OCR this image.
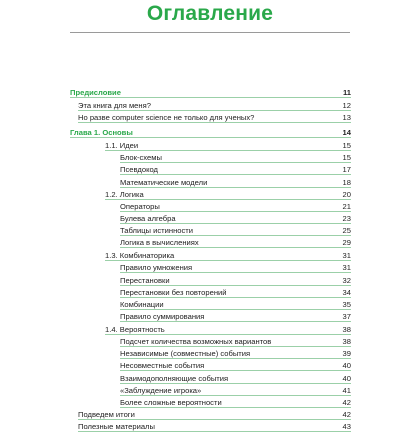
Оглавление
Предисловие	11
Эта книга для меня?	12
Но разве computer science не только для ученых?	13
Глава 1. Основы	14
1.1. Идеи	15
Блок-схемы	15
Псевдокод	17
Математические модели	18
1.2. Логика	20
Операторы	21
Булева алгебра	23
Таблицы истинности	25
Логика в вычислениях	29
1.3. Комбинаторика	31
Правило умножения	31
Перестановки	32
Перестановки без повторений	34
Комбинации	35
Правило суммирования	37
1.4. Вероятность	38
Подсчет количества возможных вариантов	38
Независимые (совместные) события	39
Несовместные события	40
Взаимодополняющие события	40
«Заблуждение игрока»	41
Более сложные вероятности	42
Подведем итоги	42
Полезные материалы	43
